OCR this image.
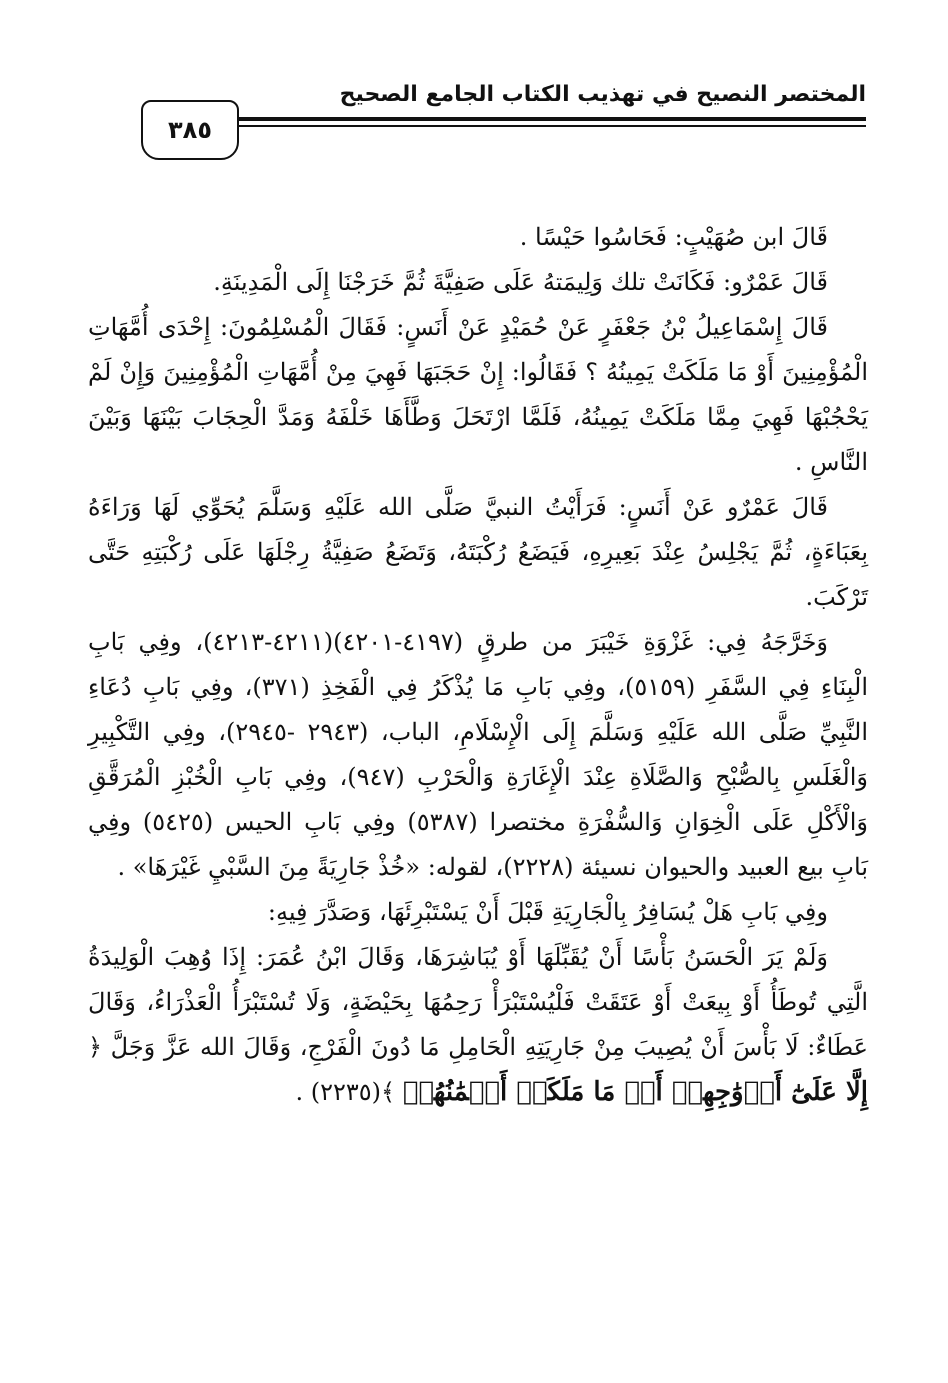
المختصر النصيح في تهذيب الكتاب الجامع الصحيح
٣٨٥

قَالَ ابن صُهَيْبٍ: فَحَاسُوا حَيْسًا .

قَالَ عَمْرٌو: فَكَانَتْ تلك وَلِيمَتهُ عَلَى صَفِيَّةَ ثُمَّ خَرَجْنَا إِلَى الْمَدِينَةِ.

قَالَ إِسْمَاعِيلُ بْنُ جَعْفَرٍ عَنْ حُمَيْدٍ عَنْ أَنَسٍ: فَقَالَ الْمُسْلِمُونَ: إِحْدَى أُمَّهَاتِ الْمُؤْمِنِينَ أَوْ مَا مَلَكَتْ يَمِينُهُ ؟ فَقَالُوا: إِنْ حَجَبَهَا فَهِيَ مِنْ أُمَّهَاتِ الْمُؤْمِنِينَ وَإِنْ لَمْ يَحْجُبْهَا فَهِيَ مِمَّا مَلَكَتْ يَمِينُهُ، فَلَمَّا ارْتَحَلَ وَطَّأَهَا خَلْفَهُ وَمَدَّ الْحِجَابَ بَيْنَهَا وَبَيْنَ النَّاسِ .

قَالَ عَمْرٌو عَنْ أَنَسٍ: فَرَأَيْتُ النبيَّ صَلَّى الله عَلَيْهِ وَسَلَّمَ يُحَوِّي لَهَا وَرَاءَهُ بِعَبَاءَةٍ، ثُمَّ يَجْلِسُ عِنْدَ بَعِيرِهِ، فَيَضَعُ رُكْبَتَهُ، وَتَضَعُ صَفِيَّةُ رِجْلَهَا عَلَى رُكْبَتِهِ حَتَّى تَرْكَبَ.

وَخَرَّجَهُ فِي: غَزْوَةِ خَيْبَرَ من طرقٍ (٤١٩٧-٤٢٠١)(٤٢١١-٤٢١٣)، وفِي بَابِ الْبِنَاءِ فِي السَّفَرِ (٥١٥٩)، وفِي بَابِ مَا يُذْكَرُ فِي الْفَخِذِ (٣٧١)، وفِي بَابِ دُعَاءِ النَّبِيِّ صَلَّى الله عَلَيْهِ وَسَلَّمَ إِلَى الْإِسْلَامِ، الباب، (٢٩٤٣ -٢٩٤٥)، وفِي التَّكْبِيرِ وَالْغَلَسِ بِالصُّبْحِ وَالصَّلَاةِ عِنْدَ الْإِغَارَةِ وَالْحَرْبِ (٩٤٧)، وفِي بَابِ الْخُبْزِ الْمُرَقَّقِ وَالْأَكْلِ عَلَى الْخِوَانِ وَالسُّفْرَةِ مختصرا (٥٣٨٧) وفِي بَابِ الحيس (٥٤٢٥) وفِي بَابِ بيع العبيد والحيوان نسيئة (٢٢٢٨)، لقوله: «خُذْ جَارِيَةً مِنَ السَّبْيِ غَيْرَهَا» .

وفِي بَابِ هَلْ يُسَافِرُ بِالْجَارِيَةِ قَبْلَ أَنْ يَسْتَبْرِئَهَا، وَصَدَّرَ فِيهِ:

وَلَمْ يَرَ الْحَسَنُ بَأْسًا أَنْ يُقَبِّلَهَا أَوْ يُبَاشِرَهَا، وَقَالَ ابْنُ عُمَرَ: إِذَا وُهِبَ الْوَلِيدَةُ الَّتِي تُوطَأُ أَوْ بِيعَتْ أَوْ عَتَقَتْ فَلْيُسْتَبْرَأْ رَحِمُهَا بِحَيْضَةٍ، وَلَا تُسْتَبْرَأُ الْعَذْرَاءُ، وَقَالَ عَطَاءٌ: لَا بَأْسَ أَنْ يُصِيبَ مِنْ جَارِيَتِهِ الْحَامِلِ مَا دُونَ الْفَرْجِ، وَقَالَ الله عَزَّ وَجَلَّ ﴿ إِلَّا عَلَىٰٓ أَزۡوَٰجِهِمۡ أَوۡ مَا مَلَكَتۡ أَيۡمَٰنُهُمۡ ﴾(٢٢٣٥) .
